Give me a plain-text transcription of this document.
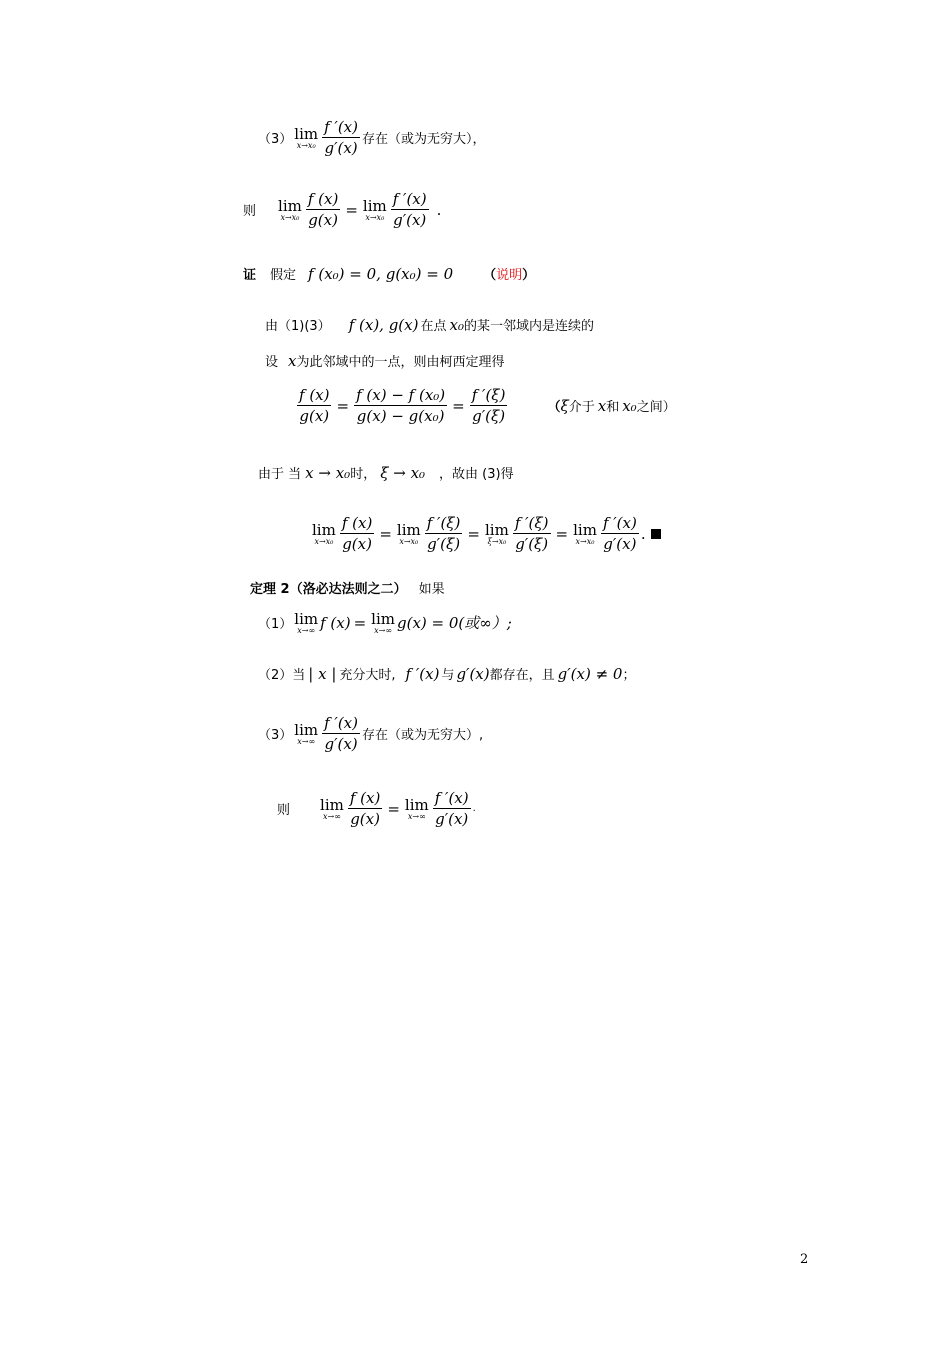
（3） lim
$x\to x_0 \frac{f '(x)}{g'(x)}$ 存在（或为无穷大），
则 lim
$x\to x_0 \frac{f (x)}{g(x)} = \lim$
$x\to x_0 \frac{f '(x)}{g'(x)}$ .
证 假定 f (x₀) = 0, g(x₀) = 0 （ 说明 ）
由（1)(3） f (x), g(x) 在点 x₀ 的某一邻域内是连续的
设 x 为此邻域中的一点，则由柯西定理得
$\frac{f (x)}{g(x)} = \frac{\text{f (x) − f (x₀)}}{\text{g(x) − g(x₀)}} = \frac{f '(\xi)}{g'(\xi)}$	（ ξ 介于 x 和 x₀ 之间）
由于 当 x → x₀ 时， ξ → x₀ ，故由 (3)得
lim
$x\to x_0 \frac{f (x)}{g(x)} = \lim$
$x\to x_0 \frac{f '(\xi)}{g'(\xi)} = \lim$
$\xi\to x_0 \frac{f '(\xi)}{g'(\xi)} = \lim$
$x\to x_0 \frac{f '(x)}{g'(x)}$ .
定理 2（洛必达法则之二） 如果
（1） lim
x→∞ f (x) = lim
x→∞ g(x) = 0(或∞）;
（2）当 | x | 充分大时, f ′(x) 与 g′(x) 都存在，且 g′(x) ≠ 0 ；
（3） lim
$x\to\infty \frac{f '(x)}{g'(x)}$ 存在（或为无穷大）,
则 lim
$x\to\infty \frac{f (x)}{g(x)} = \lim$
$x\to\infty \frac{f '(x)}{g'(x)}$ .
2
